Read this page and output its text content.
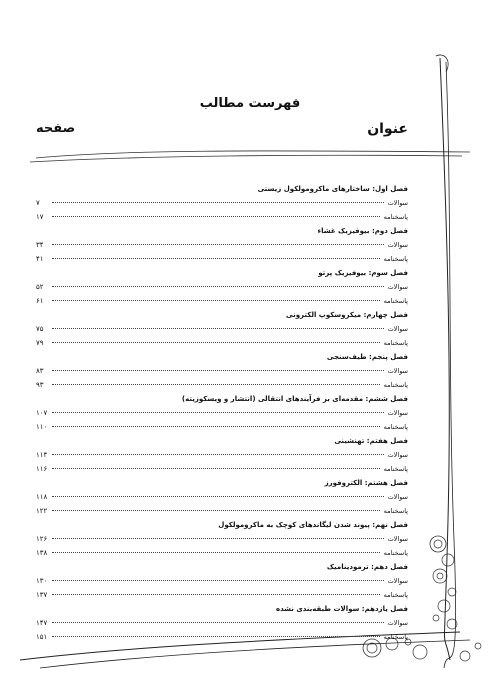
فهرست مطالب
عنوان
صفحه
فصل اول: ساختارهای ماکرومولکول زیستی
سوالات
۷
پاسخنامه
۱۷
فصل دوم: بیوفیزیک غشاء
سوالات
۳۴
پاسخنامه
۴۱
فصل سوم: بیوفیزیک پرتو
سوالات
۵۲
پاسخنامه
۶۱
فصل چهارم: میکروسکوپ الکترونی
سوالات
۷۵
پاسخنامه
۷۹
فصل پنجم: طیف‌سنجی
سوالات
۸۳
پاسخنامه
۹۳
فصل ششم: مقدمه‌ای بر فرآیندهای انتقالی (انتشار و ویسکوزیته)
سوالات
۱۰۷
پاسخنامه
۱۱۰
فصل هفتم: تهنشینی
سوالات
۱۱۴
پاسخنامه
۱۱۶
فصل هشتم: الکتروفورز
سوالات
۱۱۸
پاسخنامه
۱۲۲
فصل نهم: پیوند شدن لیگاندهای کوچک به ماکرومولکول
سوالات
۱۲۶
پاسخنامه
۱۳۸
فصل دهم: ترمودینامیک
سوالات
۱۳۰
پاسخنامه
۱۳۷
فصل یازدهم: سوالات طبقه‌بندی نشده
سوالات
۱۴۷
پاسخنامه
۱۵۱
